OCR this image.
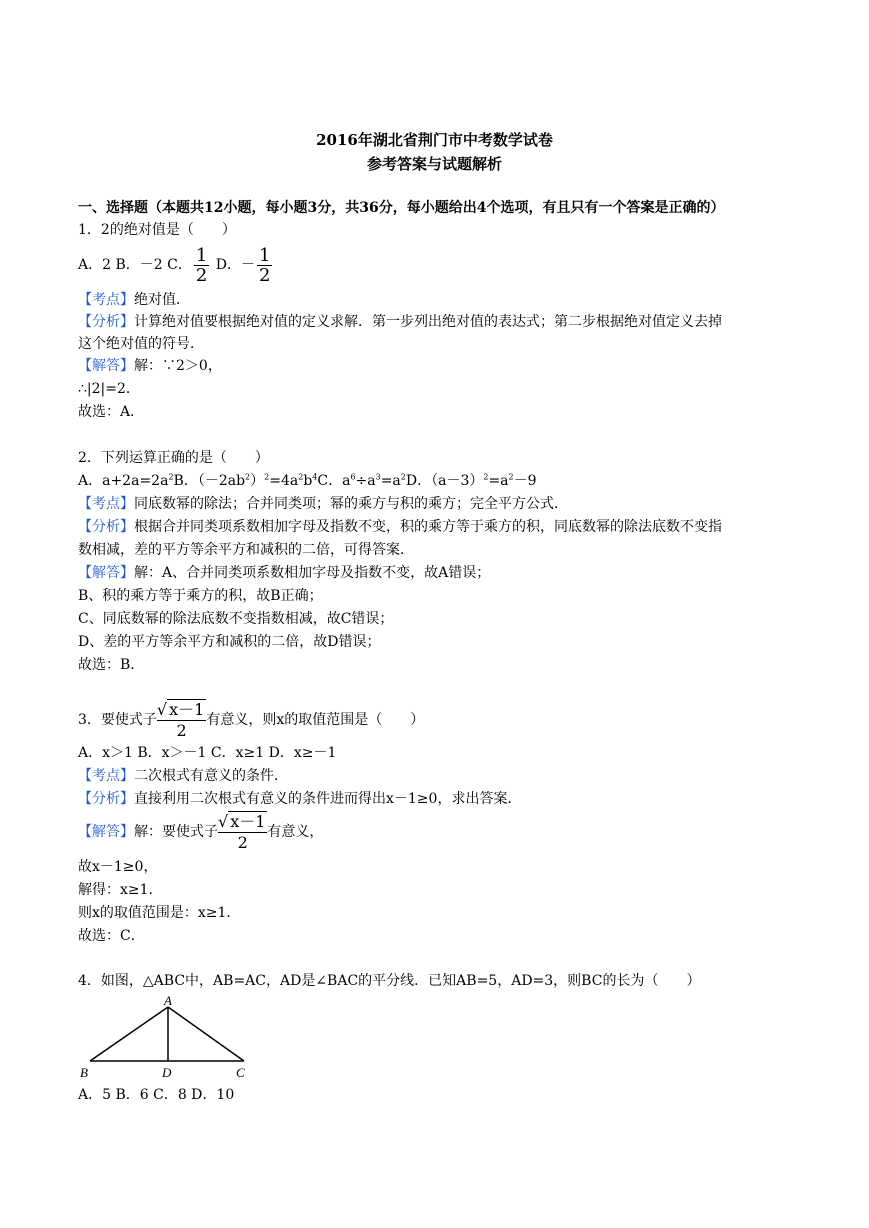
2016年湖北省荆门市中考数学试卷
参考答案与试题解析
一、选择题（本题共12小题，每小题3分，共36分，每小题给出4个选项，有且只有一个答案是正确的）
1．2的绝对值是（　　）
A．2 B．－2 C． $\frac{1}{2}$ D．－ $\frac{1}{2}$
【考点】绝对值．
【分析】计算绝对值要根据绝对值的定义求解．第一步列出绝对值的表达式；第二步根据绝对值定义去掉
这个绝对值的符号．
【解答】解：∵2＞0，
∴|2|=2．
故选：A．
2．下列运算正确的是（　　）
A．$a+2a=2a^2B$．$(-2ab^2)^2=4a^2b^4C$．$a^6\div a^3=a^2D$．$(a-3)^2=a^2-9$
【考点】同底数幂的除法；合并同类项；幂的乘方与积的乘方；完全平方公式．
【分析】根据合并同类项系数相加字母及指数不变，积的乘方等于乘方的积，同底数幂的除法底数不变指
数相减，差的平方等余平方和减积的二倍，可得答案．
【解答】解：A、合并同类项系数相加字母及指数不变，故A错误；
B、积的乘方等于乘方的积，故B正确；
C、同底数幂的除法底数不变指数相减，故C错误；
D、差的平方等余平方和减积的二倍，故D错误；
故选：B．
3．要使式子 $\frac{√ x-1}{2}$有意义，则x的取值范围是（　　）
A．x＞1 B．x＞－1 C．x≥1 D．x≥－1
【考点】二次根式有意义的条件．
【分析】直接利用二次根式有意义的条件进而得出x－1≥0，求出答案．
【解答】解：要使式子 $\frac{√ x-1}{2}$有意义，
故x－1≥0，
解得：x≥1．
则x的取值范围是：x≥1．
故选：C．
4．如图，△ABC中，AB=AC，AD是∠BAC的平分线．已知AB=5，AD=3，则BC的长为（　　）
A
B	D	C
A．5 B．6 C．8 D．10
